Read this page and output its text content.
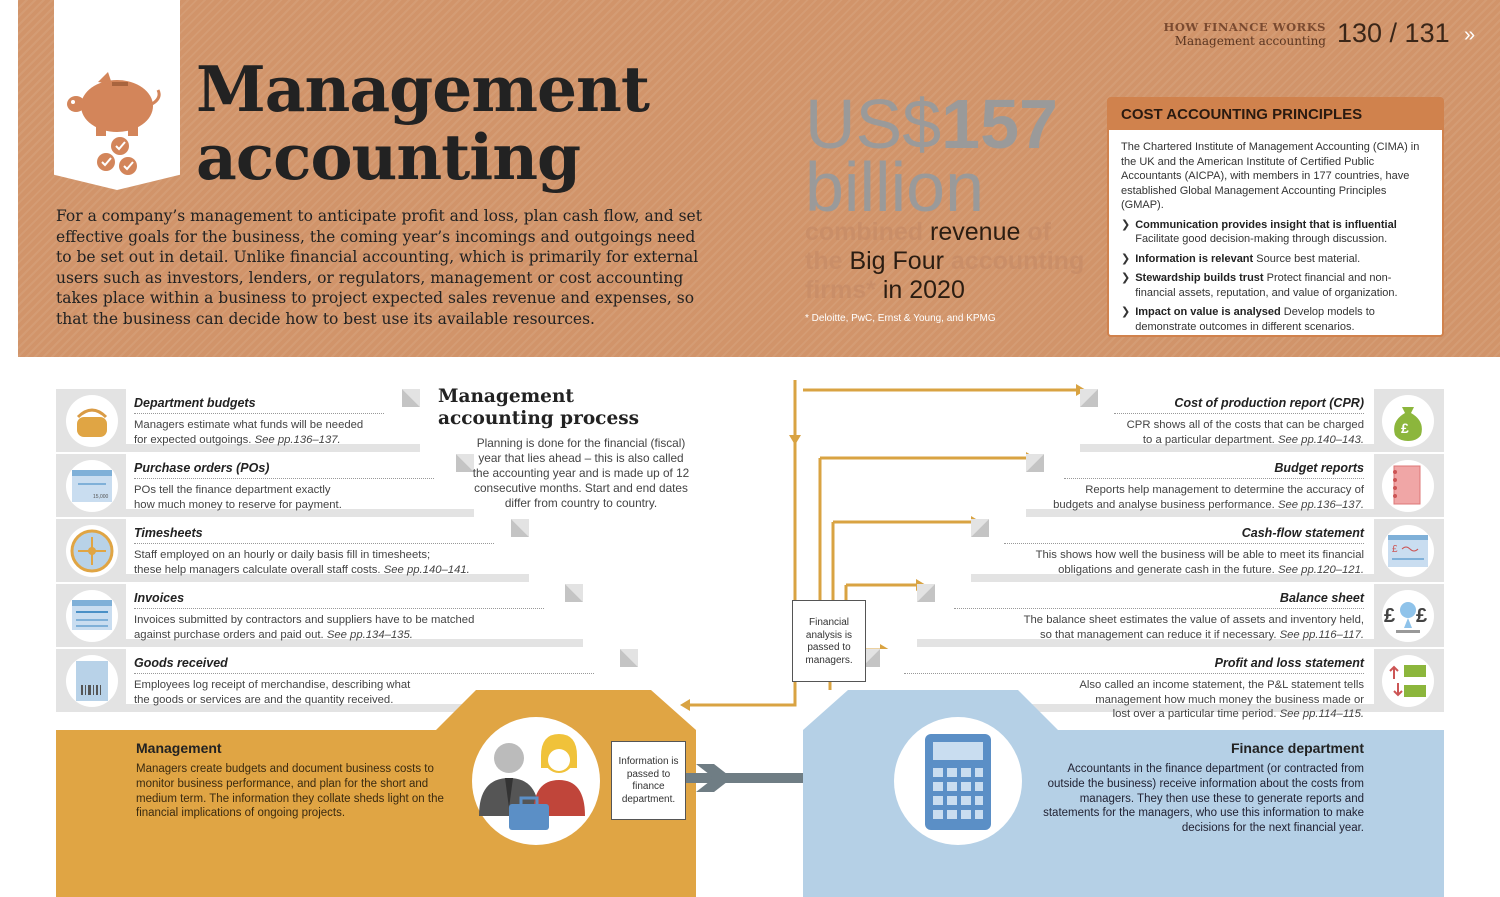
Management
accounting
For a company’s management to anticipate profit and loss, plan cash flow, and set effective goals for the business, the coming year’s incomings and outgoings need to be set out in detail. Unlike financial accounting, which is primarily for external users such as investors, lenders, or regulators, management or cost accounting takes place within a business to project expected sales revenue and expenses, so that the business can decide how to best use its available resources.
HOW FINANCE WORKS
Management accounting 130 / 131 »
US$157
billion
combined revenue of
the Big Four accounting
firms* in 2020
* Deloitte, PwC, Ernst & Young, and KPMG
COST ACCOUNTING PRINCIPLES
The Chartered Institute of Management Accounting (CIMA) in the UK and the American Institute of Certified Public Accountants (AICPA), with members in 177 countries, have established Global Management Accounting Principles (GMAP).
❯ Communication provides insight that is influential Facilitate good decision-making through discussion.
❯ Information is relevant Source best material.
❯ Stewardship builds trust Protect financial and non-financial assets, reputation, and value of organization.
❯ Impact on value is analysed Develop models to demonstrate outcomes in different scenarios.
Department budgets
Managers estimate what funds will be needed
for expected outgoings. See pp.136–137.
15,000
Purchase orders (POs)
POs tell the finance department exactly
how much money to reserve for payment.
Timesheets
Staff employed on an hourly or daily basis fill in timesheets;
these help managers calculate overall staff costs. See pp.140–141.
Invoices
Invoices submitted by contractors and suppliers have to be matched
against purchase orders and paid out. See pp.134–135.
Goods received
Employees log receipt of merchandise, describing what
the goods or services are and the quantity received.
Management
accounting process
Planning is done for the financial (fiscal) year that lies ahead – this is also called the accounting year and is made up of 12 consecutive months. Start and end dates differ from country to country.
£
Cost of production report (CPR)
CPR shows all of the costs that can be charged
to a particular department. See pp.140–143.
Budget reports
Reports help management to determine the accuracy of
budgets and analyse business performance. See pp.136–137.
£
Cash-flow statement
This shows how well the business will be able to meet its financial
obligations and generate cash in the future. See pp.120–121.
£ £
Balance sheet
The balance sheet estimates the value of assets and inventory held,
so that management can reduce it if necessary. See pp.116–117.
Profit and loss statement
Also called an income statement, the P&L statement tells
management how much money the business made or
lost over a particular time period. See pp.114–115.
Management
Managers create budgets and document business costs to monitor business performance, and plan for the short and medium term. The information they collate sheds light on the financial implications of ongoing projects.
Information is passed to finance department.
Finance department
Accountants in the finance department (or contracted from outside the business) receive information about the costs from managers. They then use these to generate reports and statements for the managers, who use this information to make decisions for the next financial year.
Financial analysis is passed to managers.
